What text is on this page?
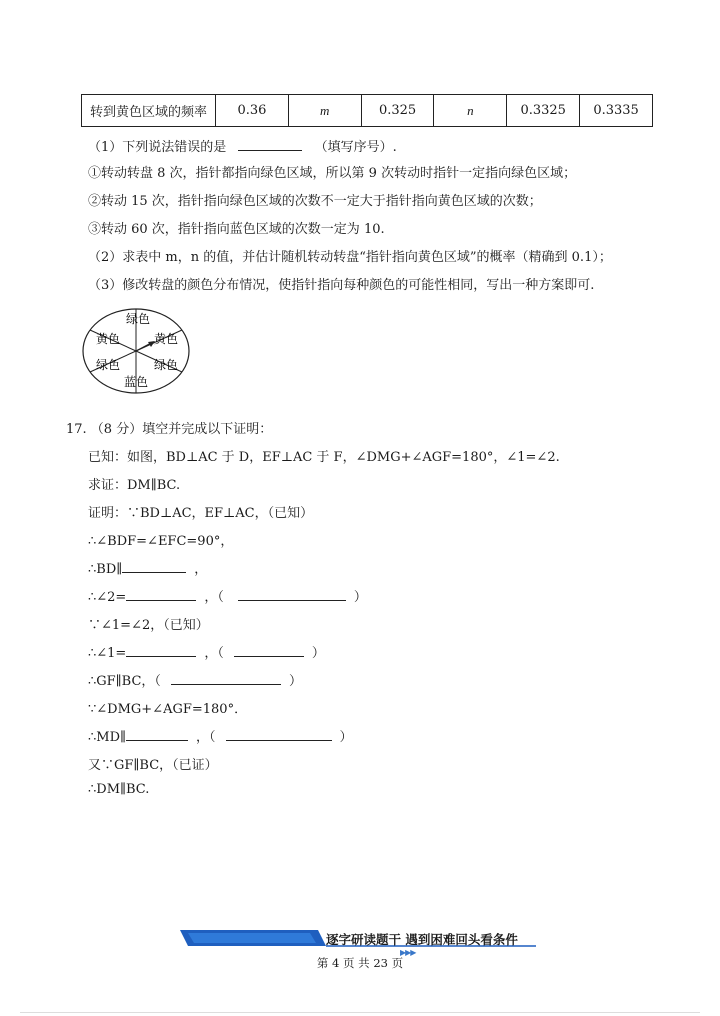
转到黄色区域的频率	0.36	m	0.325	n	0.3325	0.3335
（1）下列说法错误的是	（填写序号）.
①转动转盘 8 次，指针都指向绿色区域，所以第 9 次转动时指针一定指向绿色区域；
②转动 15 次，指针指向绿色区域的次数不一定大于指针指向黄色区域的次数；
③转动 60 次，指针指向蓝色区域的次数一定为 10.
（2）求表中 m，n 的值，并估计随机转动转盘“指针指向黄色区域”的概率（精确到 0.1）；
（3）修改转盘的颜色分布情况，使指针指向每种颜色的可能性相同，写出一种方案即可.
绿色
黄色
绿色
蓝色
绿色
黄色
17. （8 分）填空并完成以下证明：
已知：如图，BD⊥AC 于 D，EF⊥AC 于 F，∠DMG+∠AGF=180°，∠1=∠2.
求证：DM∥BC.
证明：∵BD⊥AC，EF⊥AC，（已知）
∴∠BDF=∠EFC=90°，
∴BD∥	，
∴∠2=	，（	）
∵∠1=∠2，（已知）
∴∠1=	，（	）
∴GF∥BC，（	）
∵∠DMG+∠AGF=180°．
∴MD∥	，（	）
又∵GF∥BC，（已证）
∴DM∥BC.
逐字研读题干 遇到困难回头看条件
▶▶▶
第 4 页 共 23 页
